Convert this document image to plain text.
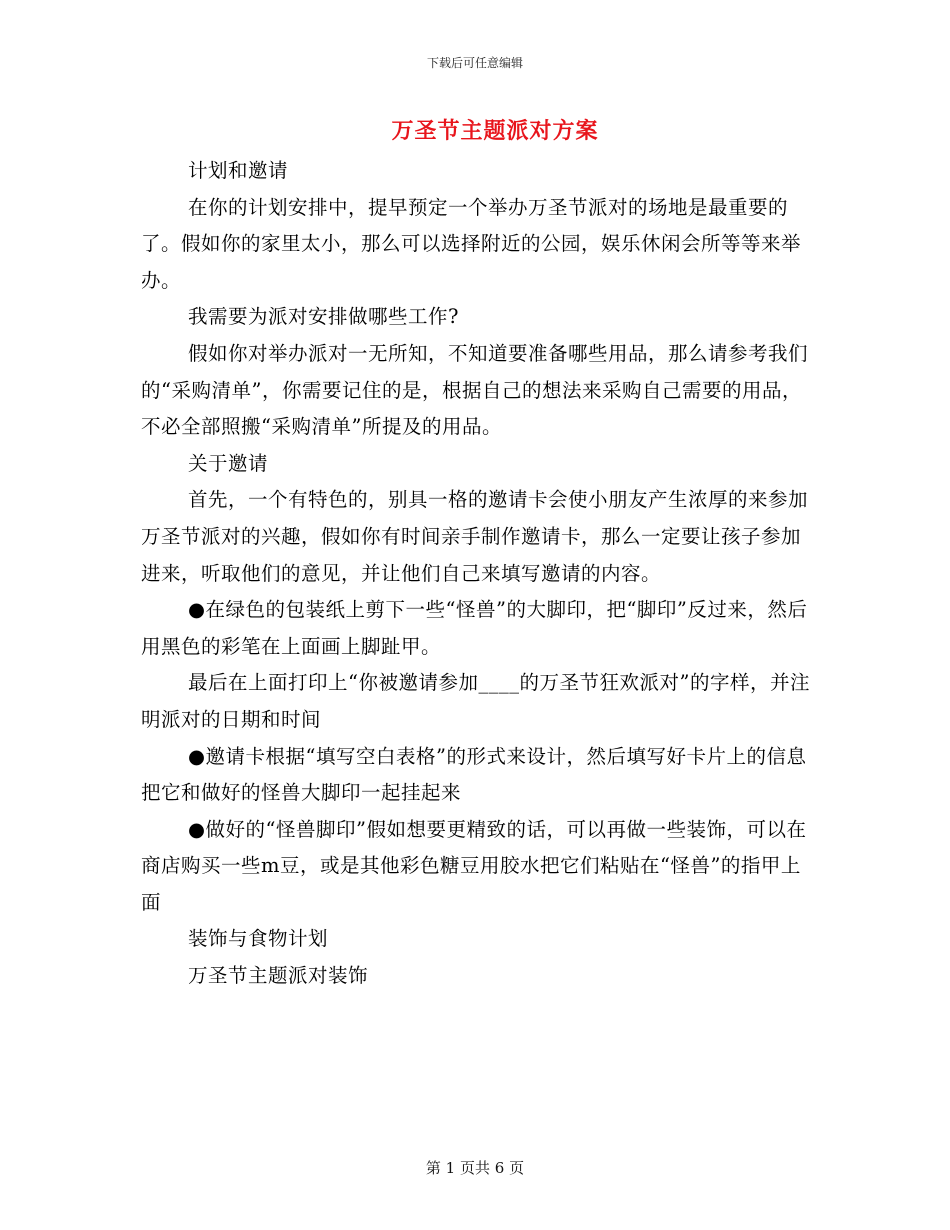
下载后可任意编辑
万圣节主题派对方案

计划和邀请

在你的计划安排中，提早预定一个举办万圣节派对的场地是最重要的了。假如你的家里太小，那么可以选择附近的公园，娱乐休闲会所等等来举办。

我需要为派对安排做哪些工作?

假如你对举办派对一无所知，不知道要准备哪些用品，那么请参考我们的“采购清单”，你需要记住的是，根据自己的想法来采购自己需要的用品，不必全部照搬“采购清单”所提及的用品。

关于邀请

首先，一个有特色的，别具一格的邀请卡会使小朋友产生浓厚的来参加万圣节派对的兴趣，假如你有时间亲手制作邀请卡，那么一定要让孩子参加进来，听取他们的意见，并让他们自己来填写邀请的内容。

●在绿色的包装纸上剪下一些“怪兽”的大脚印，把“脚印”反过来，然后用黑色的彩笔在上面画上脚趾甲。

最后在上面打印上“你被邀请参加____的万圣节狂欢派对”的字样，并注明派对的日期和时间

●邀请卡根据“填写空白表格”的形式来设计，然后填写好卡片上的信息把它和做好的怪兽大脚印一起挂起来

●做好的“怪兽脚印”假如想要更精致的话，可以再做一些装饰，可以在商店购买一些m豆，或是其他彩色糖豆用胶水把它们粘贴在“怪兽”的指甲上面

装饰与食物计划

万圣节主题派对装饰

第 1 页共 6 页
